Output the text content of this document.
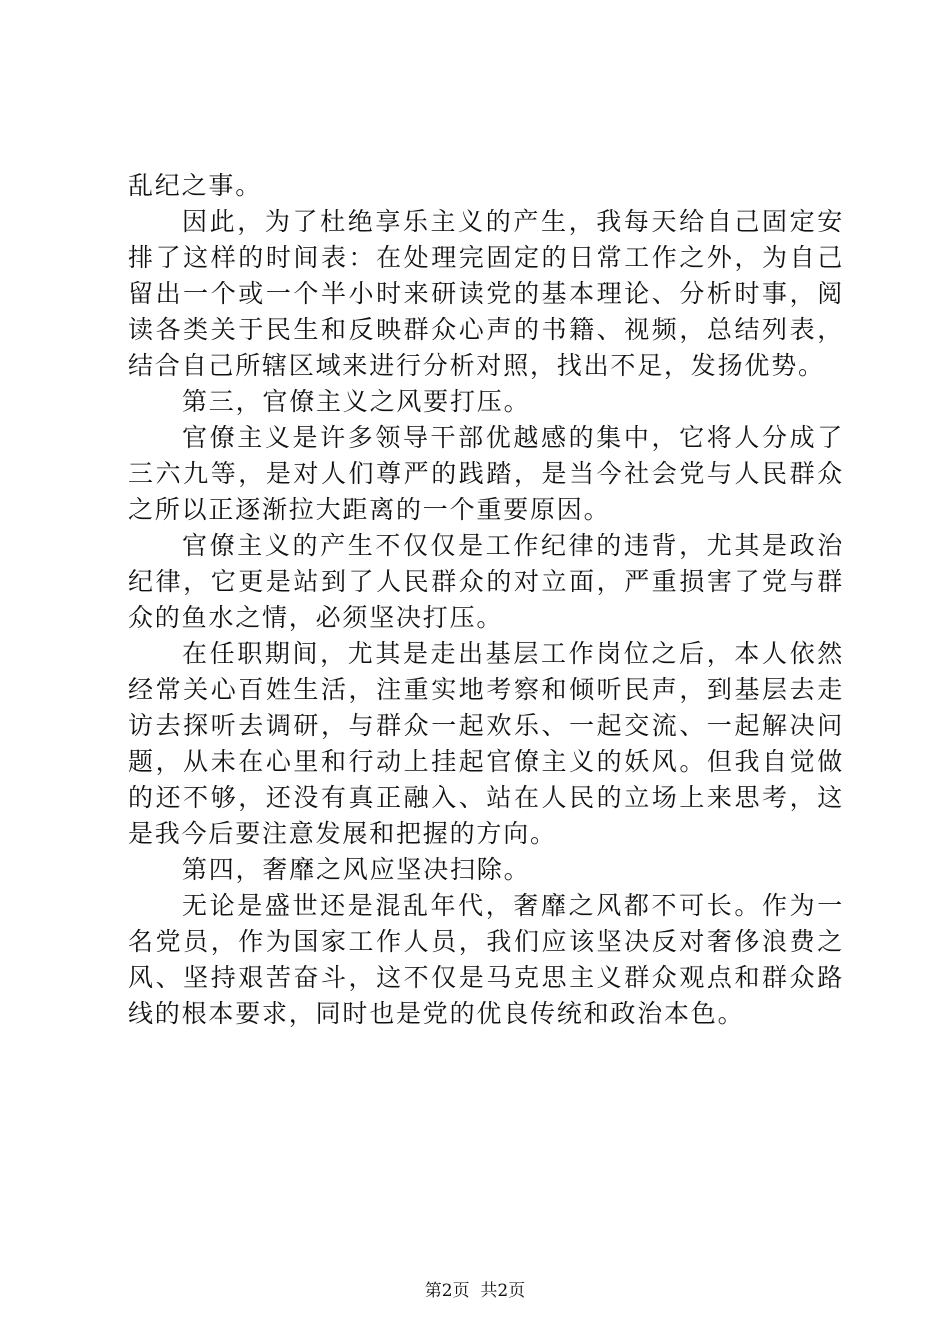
乱纪之事。

因此，为了杜绝享乐主义的产生，我每天给自己固定安排了这样的时间表：在处理完固定的日常工作之外，为自己留出一个或一个半小时来研读党的基本理论、分析时事，阅读各类关于民生和反映群众心声的书籍、视频，总结列表，结合自己所辖区域来进行分析对照，找出不足，发扬优势。

第三，官僚主义之风要打压。

官僚主义是许多领导干部优越感的集中，它将人分成了三六九等，是对人们尊严的践踏，是当今社会党与人民群众之所以正逐渐拉大距离的一个重要原因。

官僚主义的产生不仅仅是工作纪律的违背，尤其是政治纪律，它更是站到了人民群众的对立面，严重损害了党与群众的鱼水之情，必须坚决打压。

在任职期间，尤其是走出基层工作岗位之后，本人依然经常关心百姓生活，注重实地考察和倾听民声，到基层去走访去探听去调研，与群众一起欢乐、一起交流、一起解决问题，从未在心里和行动上挂起官僚主义的妖风。但我自觉做的还不够，还没有真正融入、站在人民的立场上来思考，这是我今后要注意发展和把握的方向。

第四，奢靡之风应坚决扫除。

无论是盛世还是混乱年代，奢靡之风都不可长。作为一名党员，作为国家工作人员，我们应该坚决反对奢侈浪费之风、坚持艰苦奋斗，这不仅是马克思主义群众观点和群众路线的根本要求，同时也是党的优良传统和政治本色。

第2页  共2页
